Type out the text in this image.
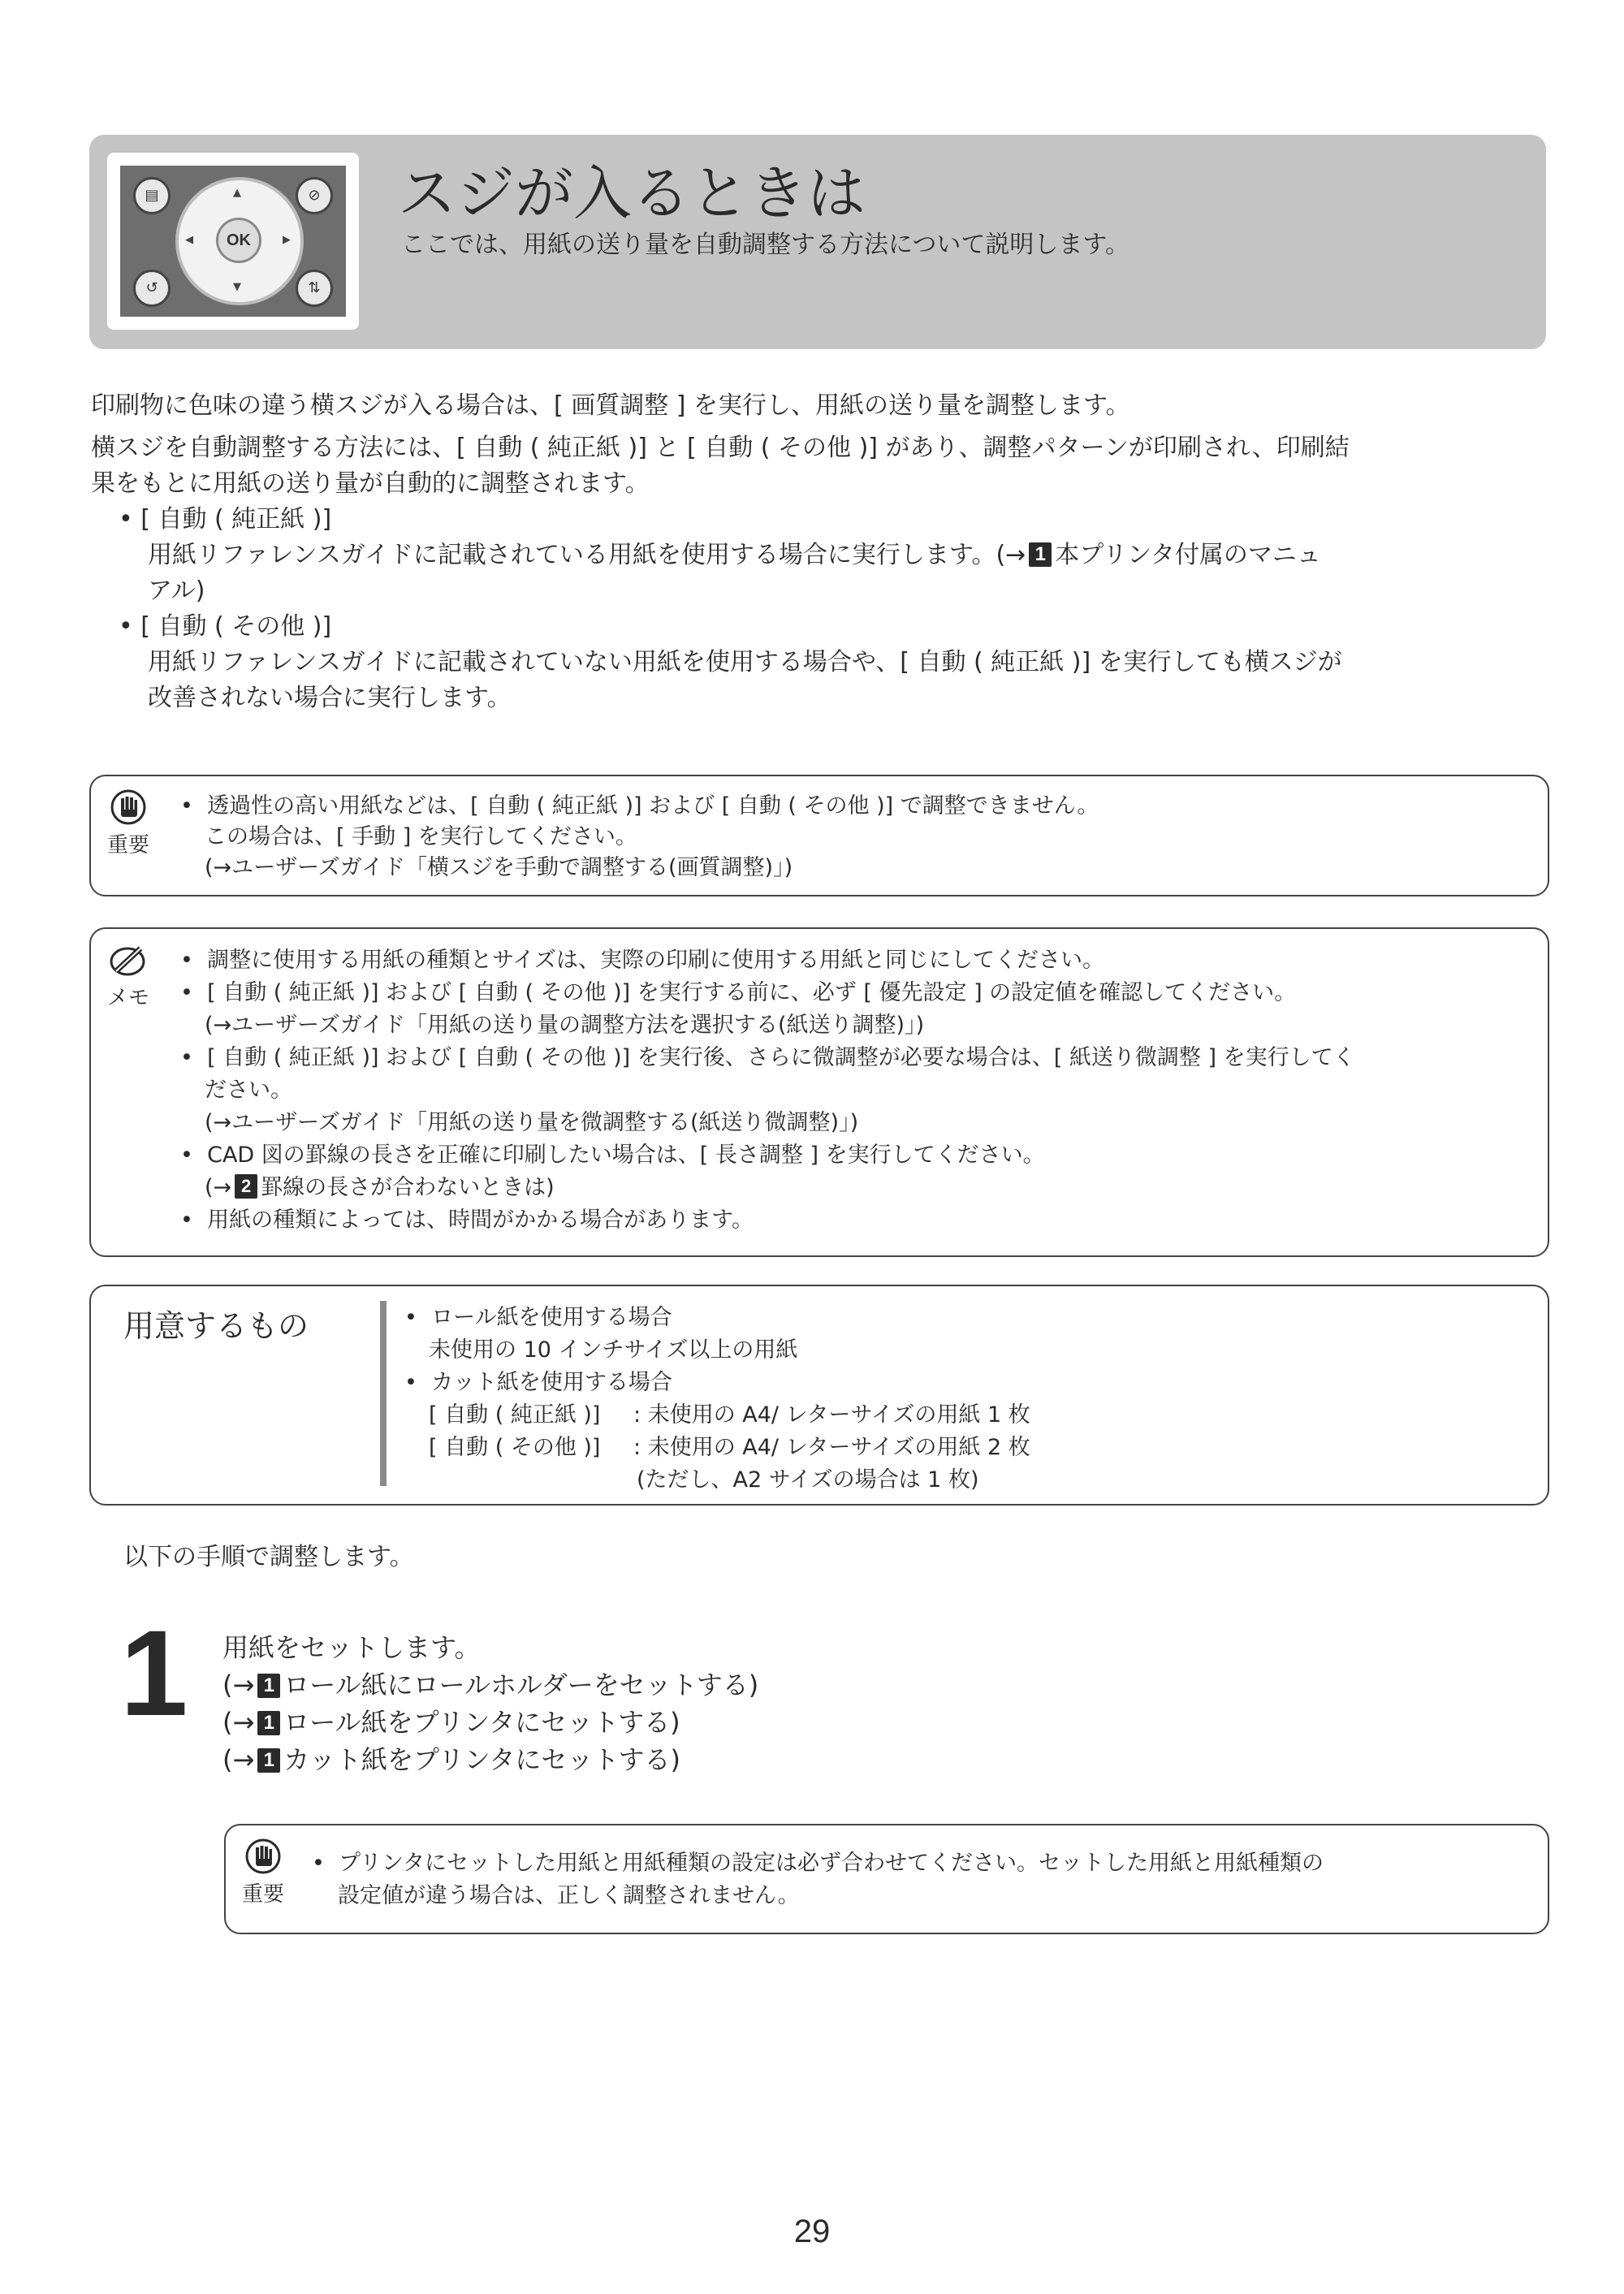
▤	⊘
↺	⇅
▲
▼
◀	▶
OK
スジが入るときは
ここでは、用紙の送り量を自動調整する方法について説明します。
印刷物に色味の違う横スジが入る場合は、[ 画質調整 ] を実行し、用紙の送り量を調整します。
横スジを自動調整する方法には、[ 自動 ( 純正紙 )] と [ 自動 ( その他 )] があり、調整パターンが印刷され、印刷結
果をもとに用紙の送り量が自動的に調整されます。
• [ 自動 ( 純正紙 )]
用紙リファレンスガイドに記載されている用紙を使用する場合に実行します。(→ 1 本プリンタ付属のマニュ
アル)
• [ 自動 ( その他 )]
用紙リファレンスガイドに記載されていない用紙を使用する場合や、[ 自動 ( 純正紙 )] を実行しても横スジが
改善されない場合に実行します。
重要
• 透過性の高い用紙などは、[ 自動 ( 純正紙 )] および [ 自動 ( その他 )] で調整できません。
この場合は、[ 手動 ] を実行してください。
(→ユーザーズガイド「横スジを手動で調整する(画質調整)」)
メモ
• 調整に使用する用紙の種類とサイズは、実際の印刷に使用する用紙と同じにしてください。
• [ 自動 ( 純正紙 )] および [ 自動 ( その他 )] を実行する前に、必ず [ 優先設定 ] の設定値を確認してください。
(→ユーザーズガイド「用紙の送り量の調整方法を選択する(紙送り調整)」)
• [ 自動 ( 純正紙 )] および [ 自動 ( その他 )] を実行後、さらに微調整が必要な場合は、[ 紙送り微調整 ] を実行してく
ださい。
(→ユーザーズガイド「用紙の送り量を微調整する(紙送り微調整)」)
• CAD 図の罫線の長さを正確に印刷したい場合は、[ 長さ調整 ] を実行してください。
(→ 2 罫線の長さが合わないときは)
• 用紙の種類によっては、時間がかかる場合があります。
用意するもの	• ロール紙を使用する場合
未使用の 10 インチサイズ以上の用紙
• カット紙を使用する場合
[ 自動 ( 純正紙 )] : 未使用の A4/ レターサイズの用紙 1 枚
[ 自動 ( その他 )] : 未使用の A4/ レターサイズの用紙 2 枚
(ただし、A2 サイズの場合は 1 枚)
以下の手順で調整します。
1 用紙をセットします。
(→ 1 ロール紙にロールホルダーをセットする)
(→ 1 ロール紙をプリンタにセットする)
(→ 1 カット紙をプリンタにセットする)
重要
• プリンタにセットした用紙と用紙種類の設定は必ず合わせてください。セットした用紙と用紙種類の
設定値が違う場合は、正しく調整されません。
29
